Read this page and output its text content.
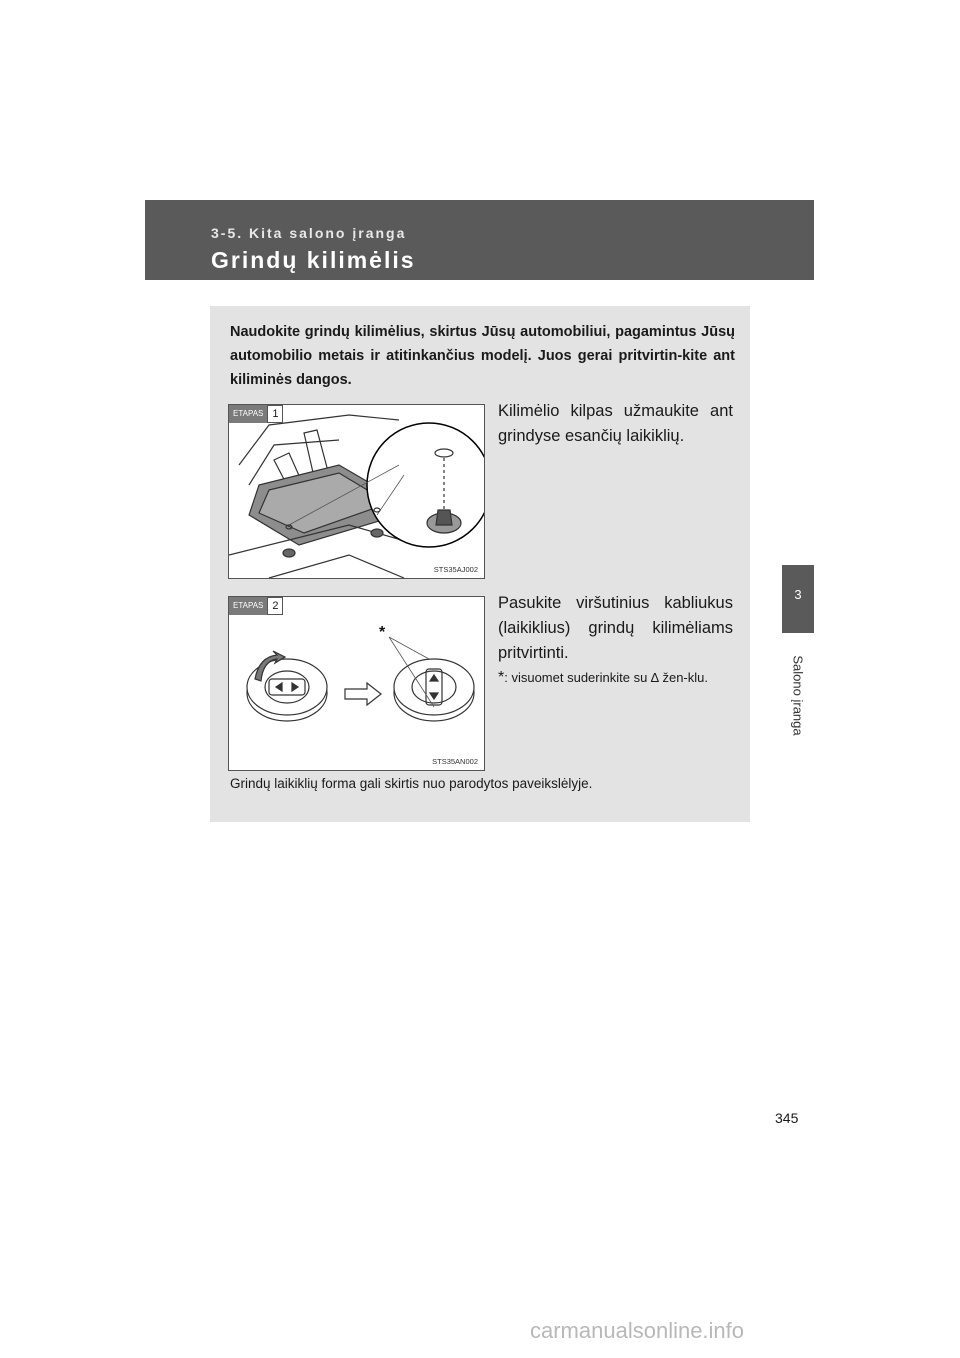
3-5. Kita salono įranga
Grindų kilimėlis
3
Salono įranga
Naudokite grindų kilimėlius, skirtus Jūsų automobiliui, pagamintus Jūsų automobilio metais ir atitinkančius modelį. Juos gerai pritvirtin-kite ant kiliminės dangos.
ETAPAS 1
STS35AJ002
Kilimėlio kilpas užmaukite ant grindyse esančių laikiklių.
*
ETAPAS 2
STS35AN002
Pasukite viršutinius kabliukus (laikiklius) grindų kilimėliams pritvirtinti.
*: visuomet suderinkite su ∆ žen-klu.
Grindų laikiklių forma gali skirtis nuo parodytos paveikslėlyje.
345
carmanualsonline.info
